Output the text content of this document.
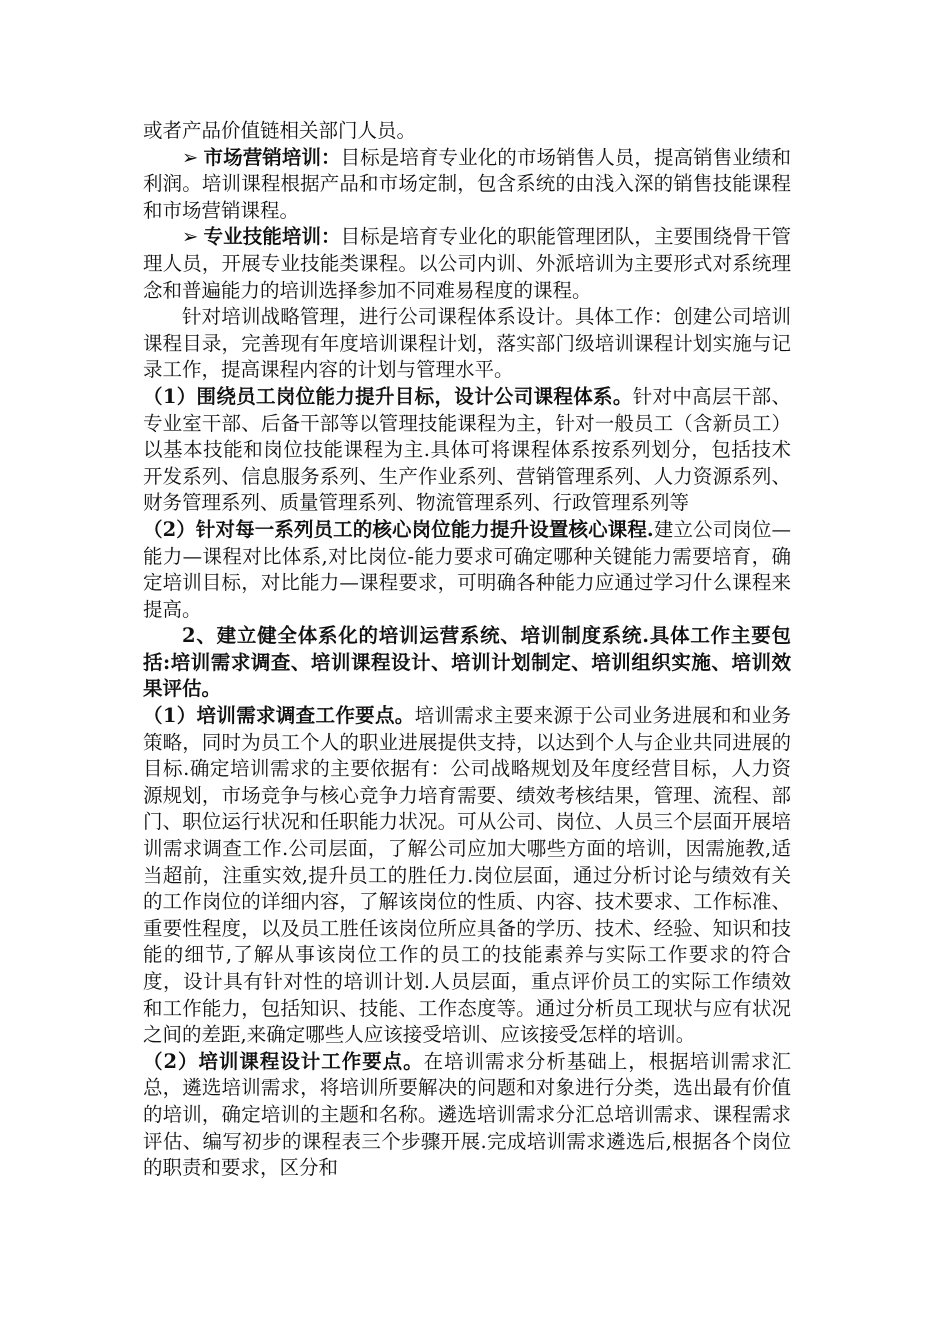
或者产品价值链相关部门人员。

➢ 市场营销培训：目标是培育专业化的市场销售人员，提高销售业绩和利润。培训课程根据产品和市场定制，包含系统的由浅入深的销售技能课程和市场营销课程。

➢ 专业技能培训：目标是培育专业化的职能管理团队，主要围绕骨干管理人员，开展专业技能类课程。以公司内训、外派培训为主要形式对系统理念和普遍能力的培训选择参加不同难易程度的课程。

针对培训战略管理，进行公司课程体系设计。具体工作：创建公司培训课程目录，完善现有年度培训课程计划，落实部门级培训课程计划实施与记录工作，提高课程内容的计划与管理水平。

（1）围绕员工岗位能力提升目标，设计公司课程体系。针对中高层干部、专业室干部、后备干部等以管理技能课程为主，针对一般员工（含新员工）以基本技能和岗位技能课程为主.具体可将课程体系按系列划分，包括技术开发系列、信息服务系列、生产作业系列、营销管理系列、人力资源系列、财务管理系列、质量管理系列、物流管理系列、行政管理系列等

（2）针对每一系列员工的核心岗位能力提升设置核心课程.建立公司岗位—能力—课程对比体系,对比岗位-能力要求可确定哪种关键能力需要培育，确定培训目标，对比能力—课程要求，可明确各种能力应通过学习什么课程来提高。

2、建立健全体系化的培训运营系统、培训制度系统.具体工作主要包括:培训需求调查、培训课程设计、培训计划制定、培训组织实施、培训效果评估。

（1）培训需求调查工作要点。培训需求主要来源于公司业务进展和和业务策略，同时为员工个人的职业进展提供支持，以达到个人与企业共同进展的目标.确定培训需求的主要依据有：公司战略规划及年度经营目标，人力资源规划，市场竞争与核心竞争力培育需要、绩效考核结果，管理、流程、部门、职位运行状况和任职能力状况。可从公司、岗位、人员三个层面开展培训需求调查工作.公司层面，了解公司应加大哪些方面的培训，因需施教,适当超前，注重实效,提升员工的胜任力.岗位层面，通过分析讨论与绩效有关的工作岗位的详细内容，了解该岗位的性质、内容、技术要求、工作标准、重要性程度，以及员工胜任该岗位所应具备的学历、技术、经验、知识和技能的细节,了解从事该岗位工作的员工的技能素养与实际工作要求的符合度，设计具有针对性的培训计划.人员层面，重点评价员工的实际工作绩效和工作能力，包括知识、技能、工作态度等。通过分析员工现状与应有状况之间的差距,来确定哪些人应该接受培训、应该接受怎样的培训。

（2）培训课程设计工作要点。在培训需求分析基础上，根据培训需求汇总，遴选培训需求，将培训所要解决的问题和对象进行分类，选出最有价值的培训，确定培训的主题和名称。遴选培训需求分汇总培训需求、课程需求评估、编写初步的课程表三个步骤开展.完成培训需求遴选后,根据各个岗位的职责和要求，区分和
